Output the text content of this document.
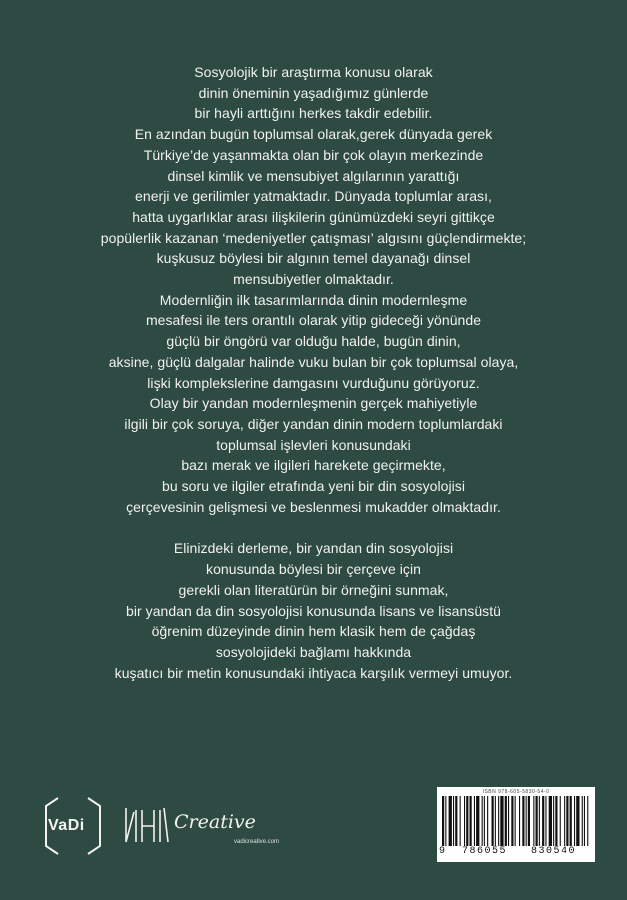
Sosyolojik bir araştırma konusu olarak
dinin öneminin yaşadığımız günlerde
bir hayli arttığını herkes takdir edebilir.
En azından bugün toplumsal olarak,gerek dünyada gerek
Türkiye’de yaşanmakta olan bir çok olayın merkezinde
dinsel kimlik ve mensubiyet algılarının yarattığı
enerji ve gerilimler yatmaktadır. Dünyada toplumlar arası,
hatta uygarlıklar arası ilişkilerin günümüzdeki seyri gittikçe
popülerlik kazanan ‘medeniyetler çatışması’ algısını güçlendirmekte;
kuşkusuz böylesi bir algının temel dayanağı dinsel
mensubiyetler olmaktadır.
Modernliğin ilk tasarımlarında dinin modernleşme
mesafesi ile ters orantılı olarak yitip gideceği yönünde
güçlü bir öngörü var olduğu halde, bugün dinin,
aksine, güçlü dalgalar halinde vuku bulan bir çok toplumsal olaya,
lişki komplekslerine damgasını vurduğunu görüyoruz.
Olay bir yandan modernleşmenin gerçek mahiyetiyle
ilgili bir çok soruya, diğer yandan dinin modern toplumlardaki
toplumsal işlevleri konusundaki
bazı merak ve ilgileri harekete geçirmekte,
bu soru ve ilgiler etrafında yeni bir din sosyolojisi
çerçevesinin gelişmesi ve beslenmesi mukadder olmaktadır.
Elinizdeki derleme, bir yandan din sosyolojisi
konusunda böylesi bir çerçeve için
gerekli olan literatürün bir örneğini sunmak,
bir yandan da din sosyolojisi konusunda lisans ve lisansüstü
öğrenim düzeyinde dinin hem klasik hem de çağdaş
sosyolojideki bağlamı hakkında
kuşatıcı bir metin konusundaki ihtiyaca karşılık vermeyi umuyor.
VaDi	Creative
vadicreative.com
ISBN 978-605-5830-54-0
9 786055 830540
